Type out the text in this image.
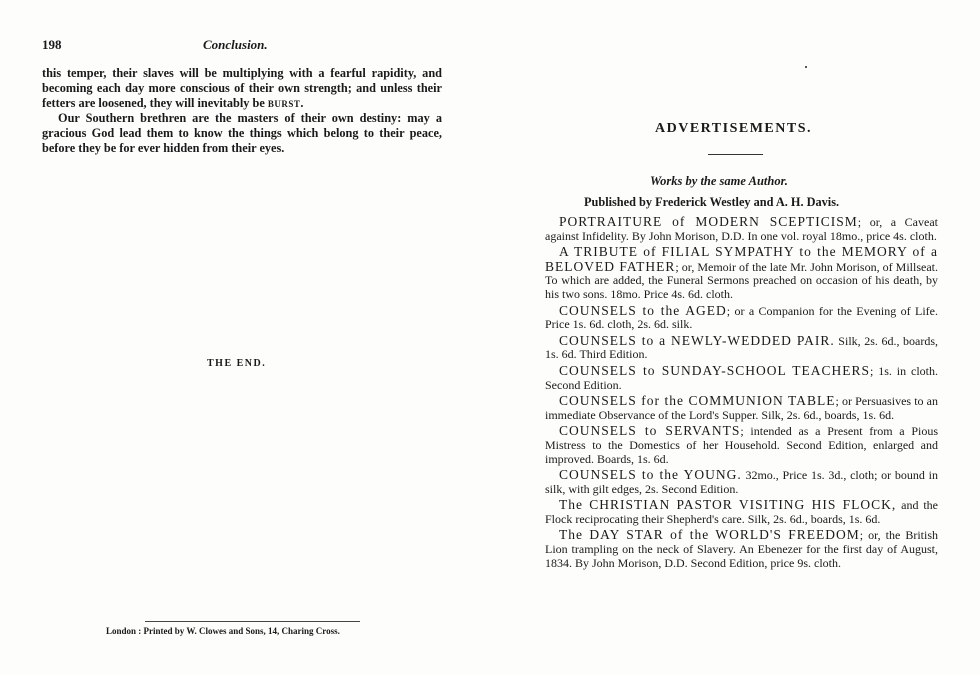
198	Conclusion.

this temper, their slaves will be multiplying with a fearful rapidity, and becoming each day more conscious of their own strength; and unless their fetters are loosened, they will inevitably be burst.

Our Southern brethren are the masters of their own destiny: may a gracious God lead them to know the things which belong to their peace, before they be for ever hidden from their eyes.

THE END.
London : Printed by W. Clowes and Sons, 14, Charing Cross.
ADVERTISEMENTS.
Works by the same Author.
Published by Frederick Westley and A. H. Davis.

PORTRAITURE of MODERN SCEPTICISM; or, a Caveat against Infidelity. By John Morison, D.D. In one vol. royal 18mo., price 4s. cloth.

A TRIBUTE of FILIAL SYMPATHY to the MEMORY of a BELOVED FATHER; or, Memoir of the late Mr. John Morison, of Millseat. To which are added, the Funeral Sermons preached on occasion of his death, by his two sons. 18mo. Price 4s. 6d. cloth.

COUNSELS to the AGED; or a Companion for the Evening of Life. Price 1s. 6d. cloth, 2s. 6d. silk.

COUNSELS to a NEWLY-WEDDED PAIR. Silk, 2s. 6d., boards, 1s. 6d. Third Edition.

COUNSELS to SUNDAY-SCHOOL TEACHERS; 1s. in cloth. Second Edition.

COUNSELS for the COMMUNION TABLE; or Persuasives to an immediate Observance of the Lord's Supper. Silk, 2s. 6d., boards, 1s. 6d.

COUNSELS to SERVANTS; intended as a Present from a Pious Mistress to the Domestics of her Household. Second Edition, enlarged and improved. Boards, 1s. 6d.

COUNSELS to the YOUNG. 32mo., Price 1s. 3d., cloth; or bound in silk, with gilt edges, 2s. Second Edition.

The CHRISTIAN PASTOR VISITING HIS FLOCK, and the Flock reciprocating their Shepherd's care. Silk, 2s. 6d., boards, 1s. 6d.

The DAY STAR of the WORLD'S FREEDOM; or, the British Lion trampling on the neck of Slavery. An Ebenezer for the first day of August, 1834. By John Morison, D.D. Second Edition, price 9s. cloth.
